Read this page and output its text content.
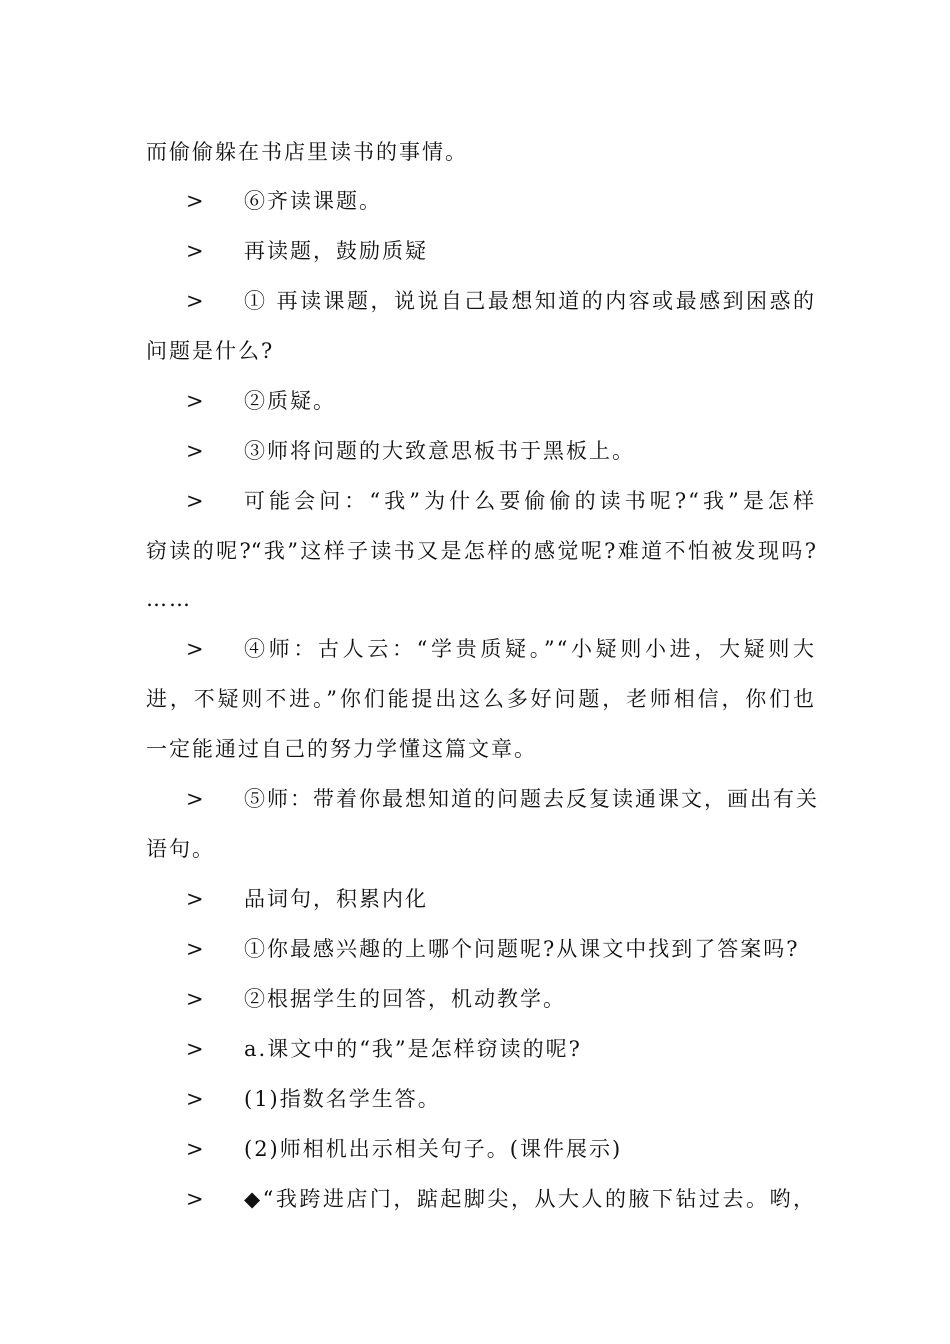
而偷偷躲在书店里读书的事情。
> ⑥齐读课题。
> 再读题，鼓励质疑
> ① 再读课题，说说自己最想知道的内容或最感到困惑的
问题是什么?
> ②质疑。
> ③师将问题的大致意思板书于黑板上。
> 可能会问：“我”为什么要偷偷的读书呢?“我”是怎样
窃读的呢?“我”这样子读书又是怎样的感觉呢?难道不怕被发现吗?
……
> ④师：古人云：“学贵质疑。”“小疑则小进，大疑则大
进，不疑则不进。”你们能提出这么多好问题，老师相信，你们也
一定能通过自己的努力学懂这篇文章。
> ⑤师：带着你最想知道的问题去反复读通课文，画出有关
语句。
> 品词句，积累内化
> ①你最感兴趣的上哪个问题呢?从课文中找到了答案吗?
> ②根据学生的回答，机动教学。
> a.课文中的“我”是怎样窃读的呢?
> (1)指数名学生答。
> (2)师相机出示相关句子。(课件展示)
> ◆“我跨进店门，踮起脚尖，从大人的腋下钻过去。哟，
